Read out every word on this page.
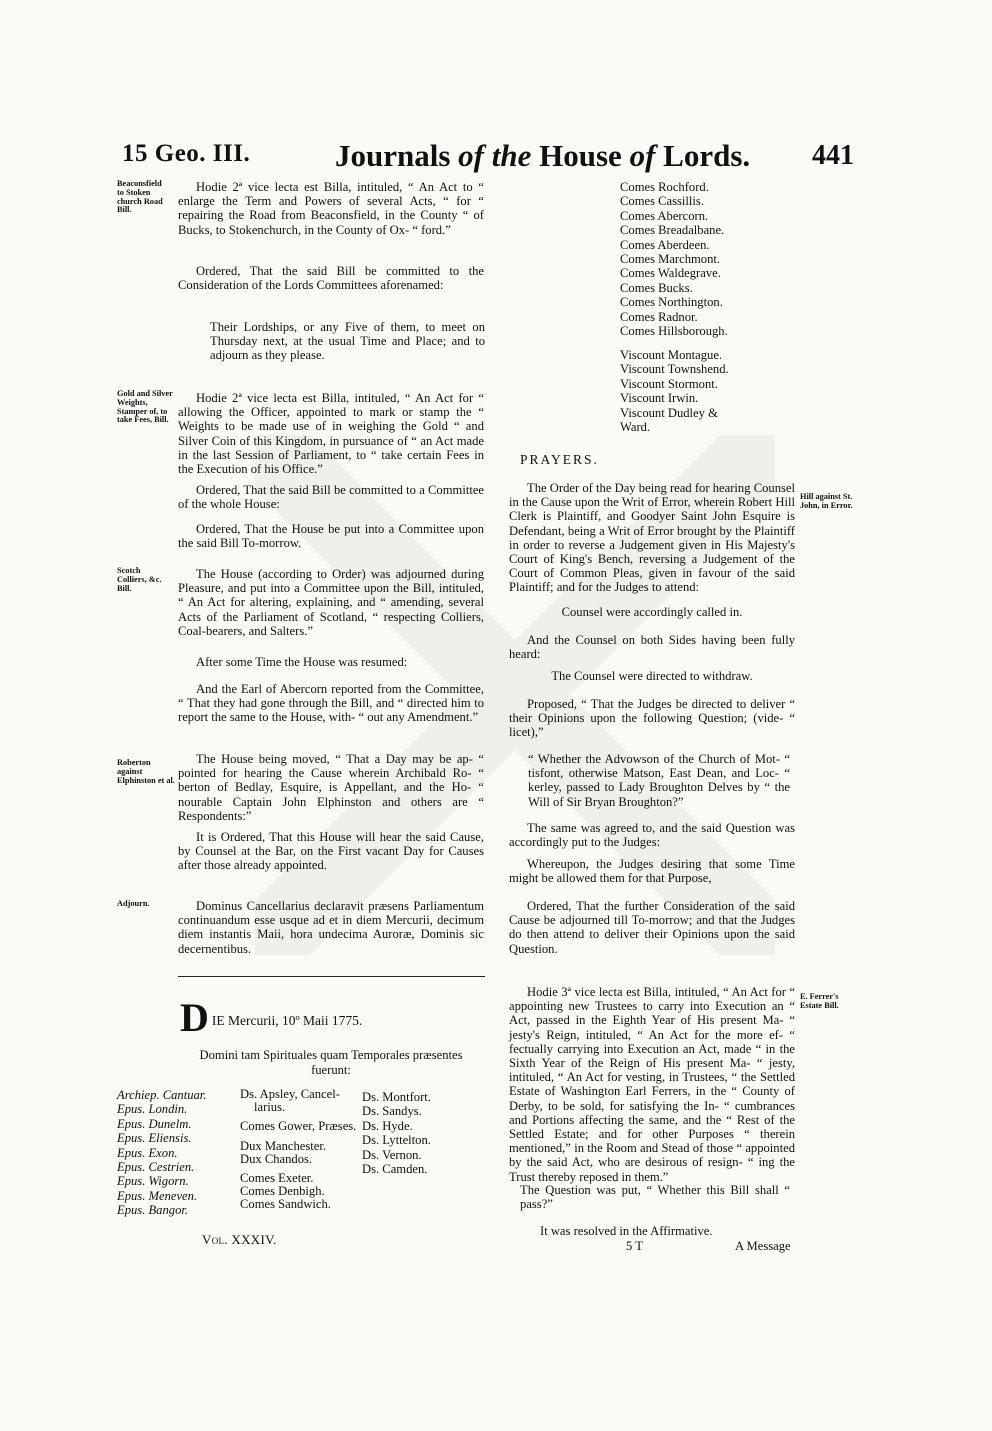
15 Geo. III.	Journals of the House of Lords. 441
Beaconsfield to Stoken church Road Bill.
Gold and Silver Weights, Stamper of, to take Fees, Bill.
Scotch Colliers, &c. Bill.
Roberton against Elphinston et al.
Adjourn.
Hill against St. John, in Error.
E. Ferrer's Estate Bill.
Hodie 2ª vice lecta est Billa, intituled, “ An Act to “ enlarge the Term and Powers of several Acts, “ for “ repairing the Road from Beaconsfield, in the County “ of Bucks, to Stokenchurch, in the County of Ox- “ ford.”
Ordered, That the said Bill be committed to the Consideration of the Lords Committees aforenamed:
Their Lordships, or any Five of them, to meet on Thursday next, at the usual Time and Place; and to adjourn as they please.
Hodie 2ª vice lecta est Billa, intituled, “ An Act for “ allowing the Officer, appointed to mark or stamp the “ Weights to be made use of in weighing the Gold “ and Silver Coin of this Kingdom, in pursuance of “ an Act made in the last Session of Parliament, to “ take certain Fees in the Execution of his Office.”
Ordered, That the said Bill be committed to a Committee of the whole House:
Ordered, That the House be put into a Committee upon the said Bill To-morrow.
The House (according to Order) was adjourned during Pleasure, and put into a Committee upon the Bill, intituled, “ An Act for altering, explaining, and “ amending, several Acts of the Parliament of Scotland, “ respecting Colliers, Coal-bearers, and Salters.”
After some Time the House was resumed:
And the Earl of Abercorn reported from the Committee, “ That they had gone through the Bill, and “ directed him to report the same to the House, with- “ out any Amendment.”
The House being moved, “ That a Day may be ap- “ pointed for hearing the Cause wherein Archibald Ro- “ berton of Bedlay, Esquire, is Appellant, and the Ho- “ nourable Captain John Elphinston and others are “ Respondents:”
It is Ordered, That this House will hear the said Cause, by Counsel at the Bar, on the First vacant Day for Causes after those already appointed.
Dominus Cancellarius declaravit præsens Parliamentum continuandum esse usque ad et in diem Mercurii, decimum diem instantis Maii, hora undecima Auroræ, Dominis sic decernentibus.
D IE Mercurii, 10º Maii 1775.
Domini tam Spirituales quam Temporales præsentes
fuerunt:
Archiep. Cantuar.
Epus. Londin.
Epus. Dunelm.
Epus. Eliensis.
Epus. Exon.
Epus. Cestrien.
Epus. Wigorn.
Epus. Meneven.
Epus. Bangor.
Ds. Apsley, Cancel-
larius.
Comes Gower, Præses.
Dux Manchester.
Dux Chandos.
Comes Exeter.
Comes Denbigh.
Comes Sandwich.
Ds. Montfort.
Ds. Sandys.
Ds. Hyde.
Ds. Lyttelton.
Ds. Vernon.
Ds. Camden.
Vol. XXXIV.
Comes Rochford.
Comes Cassillis.
Comes Abercorn.
Comes Breadalbane.
Comes Aberdeen.
Comes Marchmont.
Comes Waldegrave.
Comes Bucks.
Comes Northington.
Comes Radnor.
Comes Hillsborough.
Viscount Montague.
Viscount Townshend.
Viscount Stormont.
Viscount Irwin.
Viscount Dudley & Ward.
PRAYERS.
The Order of the Day being read for hearing Counsel in the Cause upon the Writ of Error, wherein Robert Hill Clerk is Plaintiff, and Goodyer Saint John Esquire is Defendant, being a Writ of Error brought by the Plaintiff in order to reverse a Judgement given in His Majesty's Court of King's Bench, reversing a Judgement of the Court of Common Pleas, given in favour of the said Plaintiff; and for the Judges to attend:
Counsel were accordingly called in.
And the Counsel on both Sides having been fully heard:
The Counsel were directed to withdraw.
Proposed, “ That the Judges be directed to deliver “ their Opinions upon the following Question; (vide- “ licet),”
“ Whether the Advowson of the Church of Mot- “ tisfont, otherwise Matson, East Dean, and Loc- “ kerley, passed to Lady Broughton Delves by “ the Will of Sir Bryan Broughton?”
The same was agreed to, and the said Question was accordingly put to the Judges:
Whereupon, the Judges desiring that some Time might be allowed them for that Purpose,
Ordered, That the further Consideration of the said Cause be adjourned till To-morrow; and that the Judges do then attend to deliver their Opinions upon the said Question.
Hodie 3ª vice lecta est Billa, intituled, “ An Act for “ appointing new Trustees to carry into Execution an “ Act, passed in the Eighth Year of His present Ma- “ jesty's Reign, intituled, “ An Act for the more ef- “ fectually carrying into Execution an Act, made “ in the Sixth Year of the Reign of His present Ma- “ jesty, intituled, “ An Act for vesting, in Trustees, “ the Settled Estate of Washington Earl Ferrers, in the “ County of Derby, to be sold, for satisfying the In- “ cumbrances and Portions affecting the same, and the “ Rest of the Settled Estate; and for other Purposes “ therein mentioned,” in the Room and Stead of those “ appointed by the said Act, who are desirous of resign- “ ing the Trust thereby reposed in them.”
The Question was put, “ Whether this Bill shall “ pass?”
It was resolved in the Affirmative.
5 T	A Message
